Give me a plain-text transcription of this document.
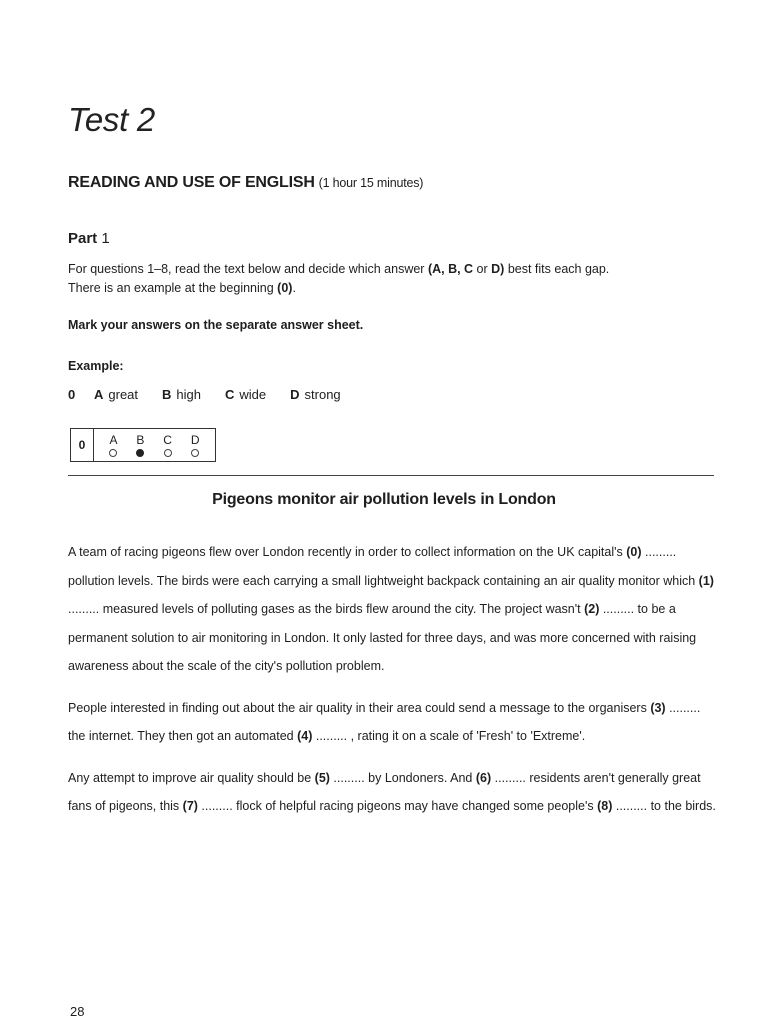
Test 2
READING AND USE OF ENGLISH (1 hour 15 minutes)
Part 1
For questions 1–8, read the text below and decide which answer (A, B, C or D) best fits each gap.
There is an example at the beginning (0).
Mark your answers on the separate answer sheet.
Example:
0	A great B high C wide D strong
0	A B C D
Pigeons monitor air pollution levels in London

A team of racing pigeons flew over London recently in order to collect information on the UK capital's (0) ......... pollution levels. The birds were each carrying a small lightweight backpack containing an air quality monitor which (1) ......... measured levels of polluting gases as the birds flew around the city. The project wasn't (2) ......... to be a permanent solution to air monitoring in London. It only lasted for three days, and was more concerned with raising awareness about the scale of the city's pollution problem.

People interested in finding out about the air quality in their area could send a message to the organisers (3) ......... the internet. They then got an automated (4) ......... , rating it on a scale of 'Fresh' to 'Extreme'.

Any attempt to improve air quality should be (5) ......... by Londoners. And (6) ......... residents aren't generally great fans of pigeons, this (7) ......... flock of helpful racing pigeons may have changed some people's (8) ......... to the birds.

28
